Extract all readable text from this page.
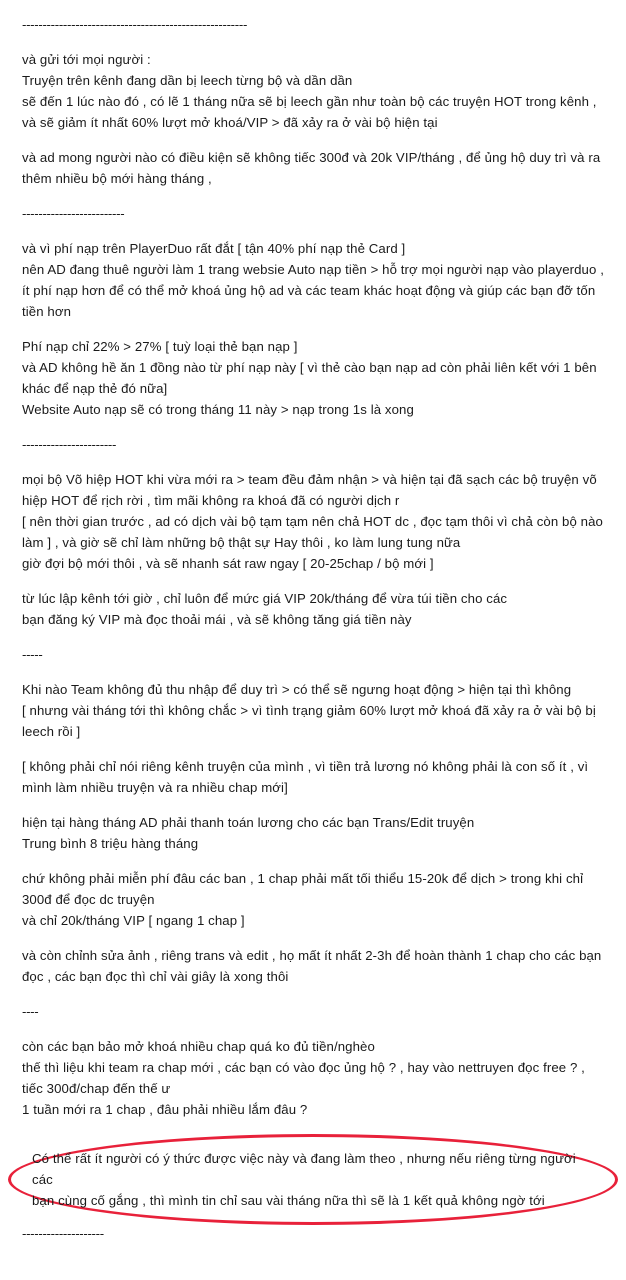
-------------------------------------------------------
và gửi tới mọi người :
Truyện trên kênh đang dần bị leech từng bộ và dần dần
sẽ đến 1 lúc nào đó , có lẽ 1 tháng nữa sẽ bị leech gần như toàn bộ các truyện HOT trong kênh ,
và sẽ giảm ít nhất 60% lượt mở khoá/VIP > đã xảy ra ở vài bộ hiện tại
và ad mong người nào có điều kiện sẽ không tiếc 300đ và 20k VIP/tháng , để ủng hộ duy trì và ra
thêm nhiều bộ mới hàng tháng ,
-------------------------
và vì phí nạp trên PlayerDuo rất đắt [ tận 40% phí nạp thẻ Card ]
nên AD đang thuê người làm 1 trang websie Auto nạp tiền > hỗ trợ mọi người nạp vào playerduo ,
ít phí nạp hơn để có thể mở khoá ủng hộ ad và các team khác hoạt động và giúp các bạn đỡ tốn
tiền hơn
Phí nạp chỉ 22% > 27% [ tuỳ loại thẻ bạn nạp ]
và AD không hề ăn 1 đồng nào từ phí nạp này [ vì thẻ cào bạn nạp ad còn phải liên kết với 1 bên
khác để nạp thẻ đó nữa]
Website Auto nạp sẽ có trong tháng 11 này > nạp trong 1s là xong
-----------------------
mọi bộ Võ hiệp HOT khi vừa mới ra > team đều đảm nhận > và hiện tại đã sạch các bộ truyện võ
hiệp HOT để rịch rời , tìm mãi không ra khoá đã có người dịch r
[ nên thời gian trước , ad có dịch vài bộ tạm tạm nên chả HOT dc , đọc tạm thôi vì chả còn bộ nào
làm ] , và giờ sẽ chỉ làm những bộ thật sự Hay thôi , ko làm lung tung nữa
giờ đợi bộ mới thôi , và sẽ nhanh sát raw ngay [ 20-25chap / bộ mới ]
từ lúc lập kênh tới giờ , chỉ luôn để mức giá VIP 20k/tháng để vừa túi tiền cho các
bạn đăng ký VIP mà đọc thoải mái , và sẽ không tăng giá tiền này
-----
Khi nào Team không đủ thu nhập để duy trì > có thể sẽ ngưng hoạt động > hiện tại thì không
[ nhưng vài tháng tới thì không chắc > vì tình trạng giảm 60% lượt mở khoá đã xảy ra ở vài bộ bị
leech rồi ]
[ không phải chỉ nói riêng kênh truyện của mình , vì tiền trả lương nó không phải là con số ít , vì
mình làm nhiều truyện và ra nhiều chap mới]
hiện tại hàng tháng AD phải thanh toán lương cho các bạn Trans/Edit truyện
Trung bình 8 triệu hàng tháng
chứ không phải miễn phí đâu các ban , 1 chap phải mất tối thiểu 15-20k để dịch > trong khi chỉ
300đ để đọc dc truyện
và chỉ 20k/tháng VIP [ ngang 1 chap ]
và còn chỉnh sửa ảnh , riêng trans và edit , họ mất ít nhất 2-3h để hoàn thành 1 chap cho các bạn
đọc , các bạn đọc thì chỉ vài giây là xong thôi
----
còn các bạn bảo mở khoá nhiều chap quá ko đủ tiền/nghèo
thế thì liệu khi team ra chap mới , các bạn có vào đọc ủng hộ ? , hay vào nettruyen đọc free ? ,
tiếc 300đ/chap đến thế ư
1 tuần mới ra 1 chap , đâu phải nhiều lắm đâu ?
Có thể rất ít người có ý thức được việc này và đang làm theo , nhưng nếu riêng từng người các
bạn cùng cố gắng , thì mình tin chỉ sau vài tháng nữa thì sẽ là 1 kết quả không ngờ tới
--------------------
